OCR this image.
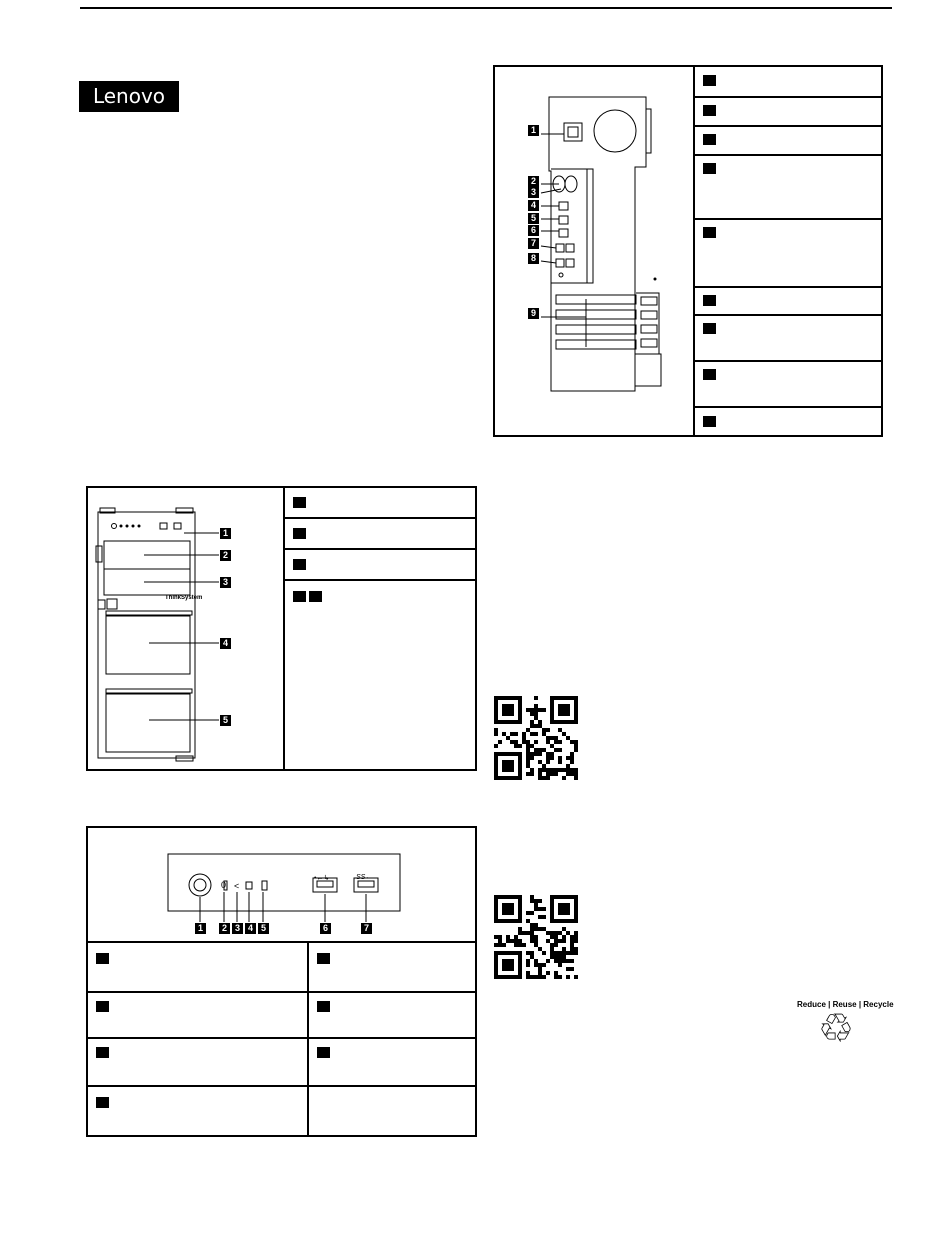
Lenovo
1
2
3
4
5
6
7
8
9
ThinkSystem
1
2
3
4
5
0 <
•←↳	SS←
1	2 3 4 5	6	7
Reduce | Reuse | Recycle
♲
